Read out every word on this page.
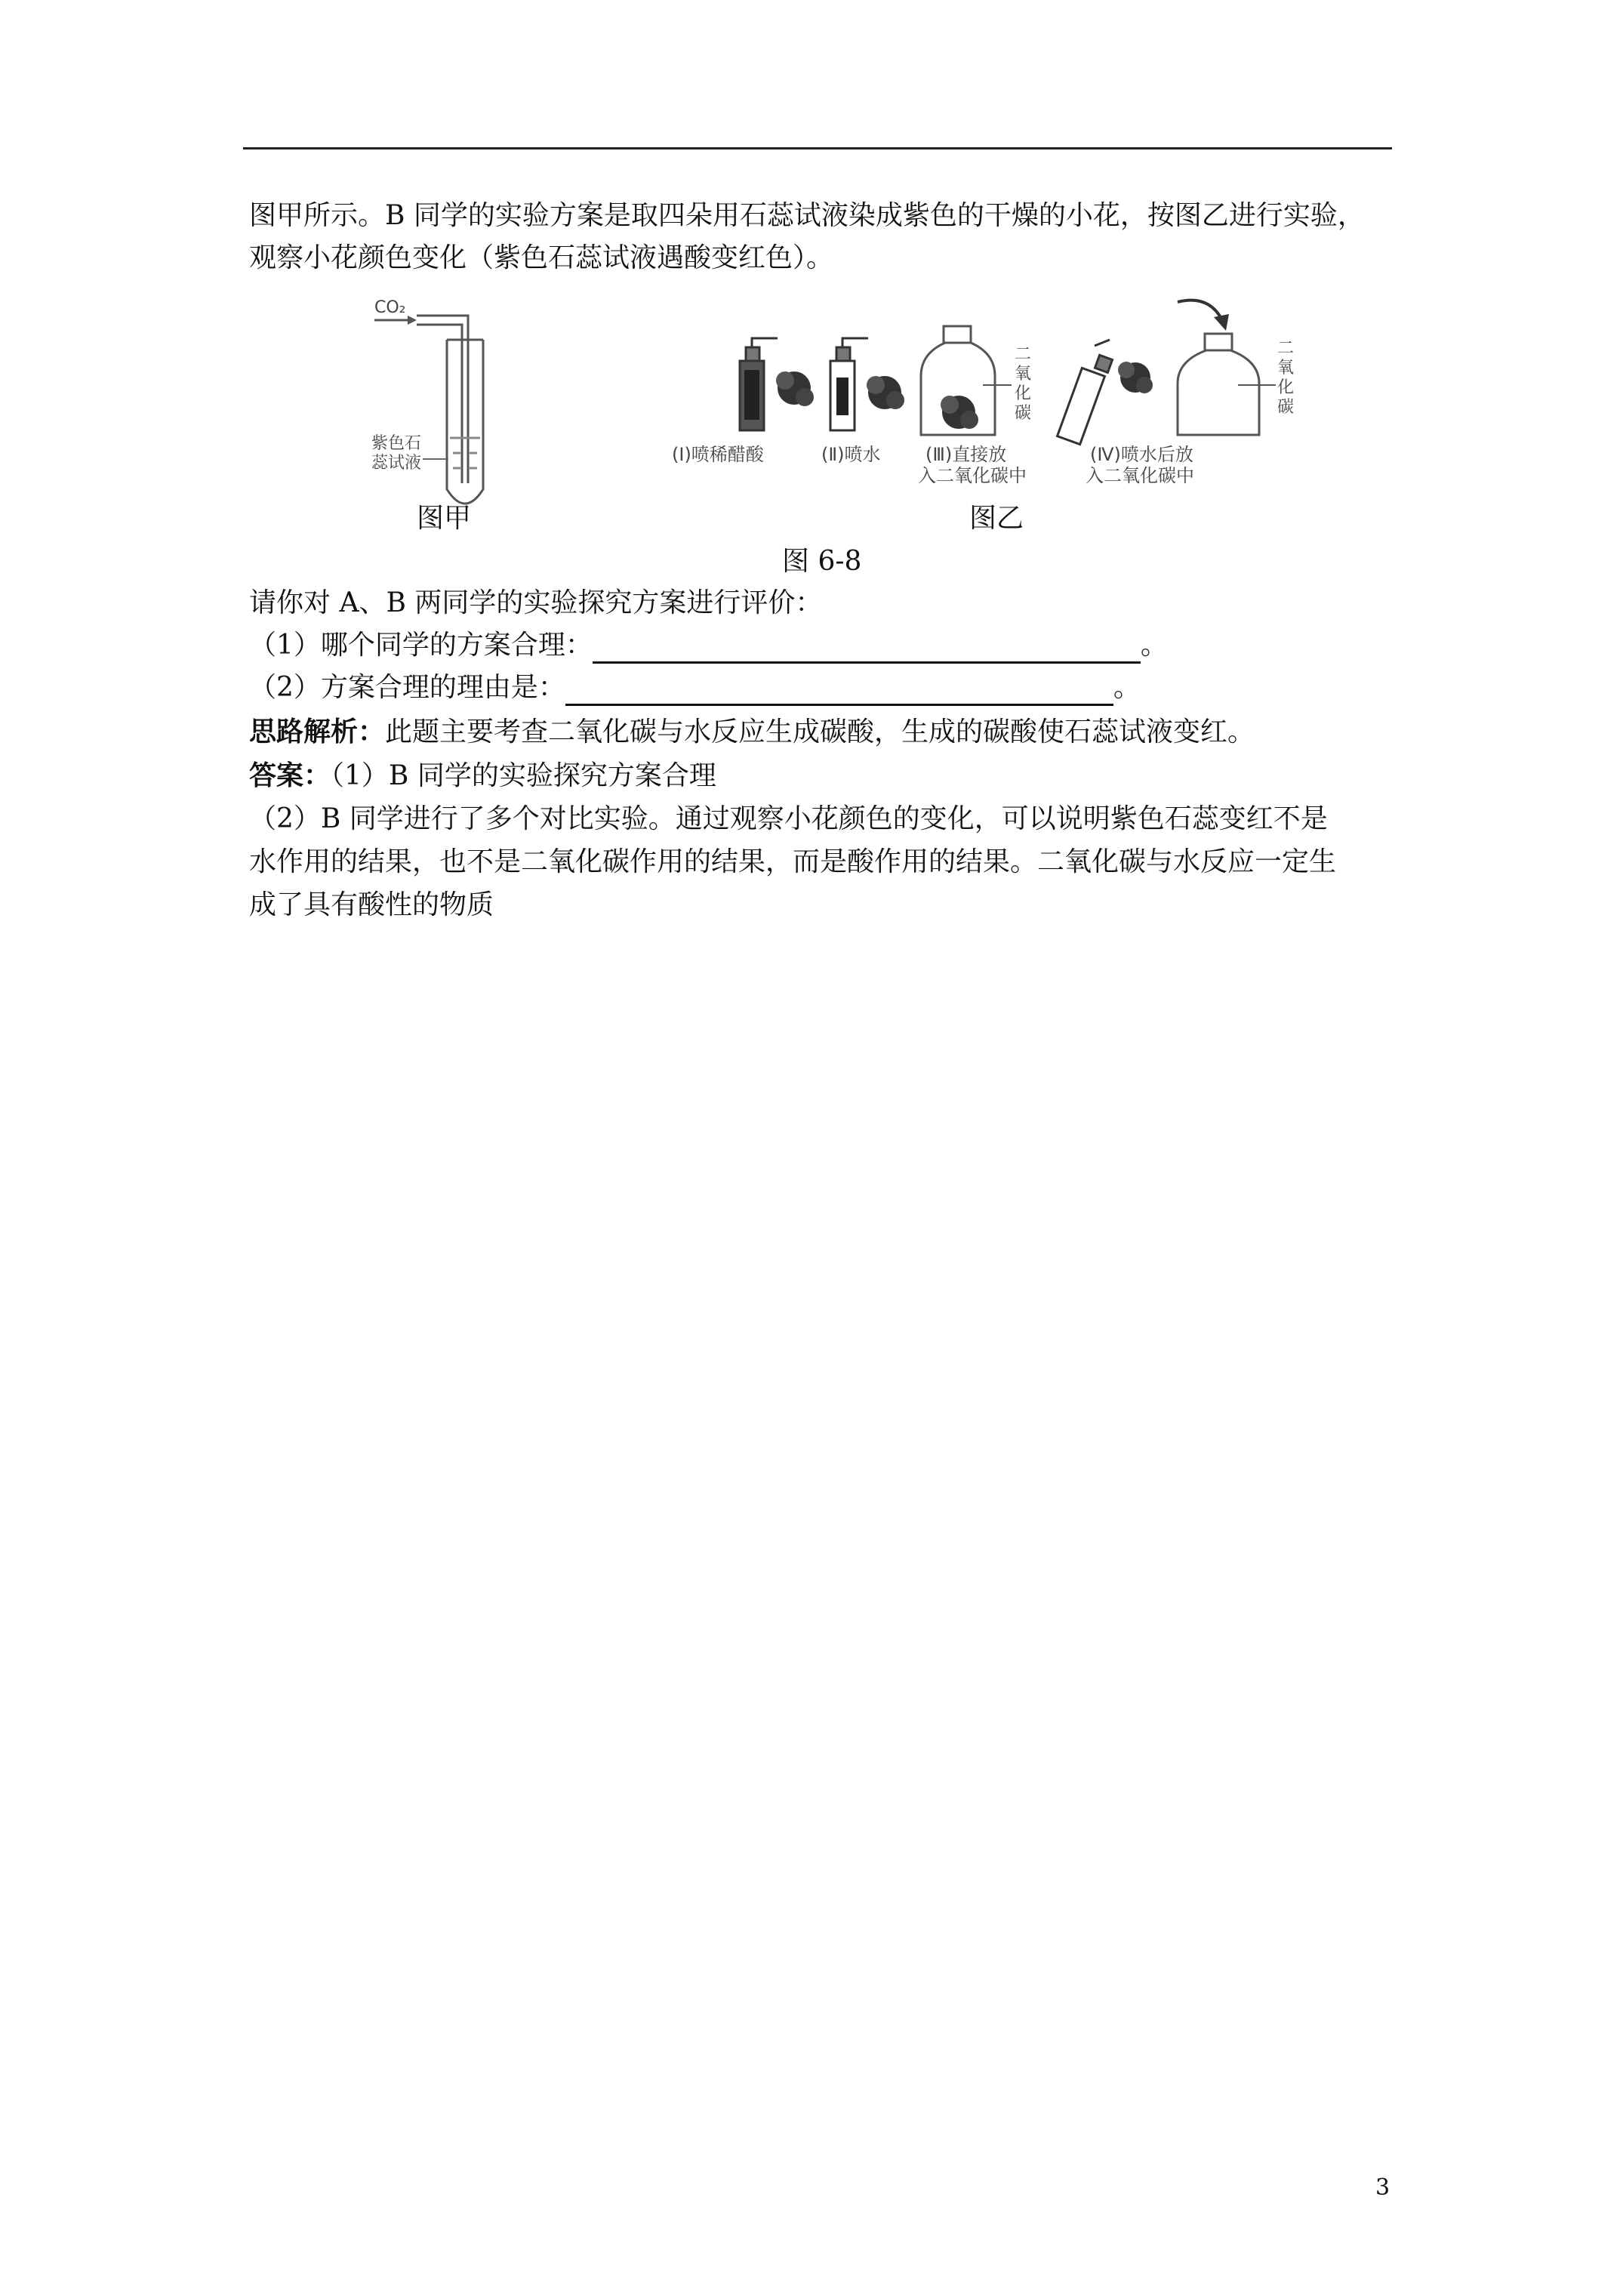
图甲所示。B 同学的实验方案是取四朵用石蕊试液染成紫色的干燥的小花，按图乙进行实验，
观察小花颜色变化（紫色石蕊试液遇酸变红色）。
CO₂
紫色石
蕊试液
二
氧
化
碳
二
氧
化
碳
(Ⅰ)喷稀醋酸	(Ⅱ)喷水 (Ⅲ)直接放
入二氧化碳中
(Ⅳ)喷水后放
入二氧化碳中
图甲	图乙
图 6-8
请你对 A、B 两同学的实验探究方案进行评价：
（1）哪个同学的方案合理：	。
（2）方案合理的理由是：	。
思路解析：此题主要考查二氧化碳与水反应生成碳酸，生成的碳酸使石蕊试液变红。
答案：（1）B 同学的实验探究方案合理
（2）B 同学进行了多个对比实验。通过观察小花颜色的变化，可以说明紫色石蕊变红不是
水作用的结果，也不是二氧化碳作用的结果，而是酸作用的结果。二氧化碳与水反应一定生
成了具有酸性的物质
3
